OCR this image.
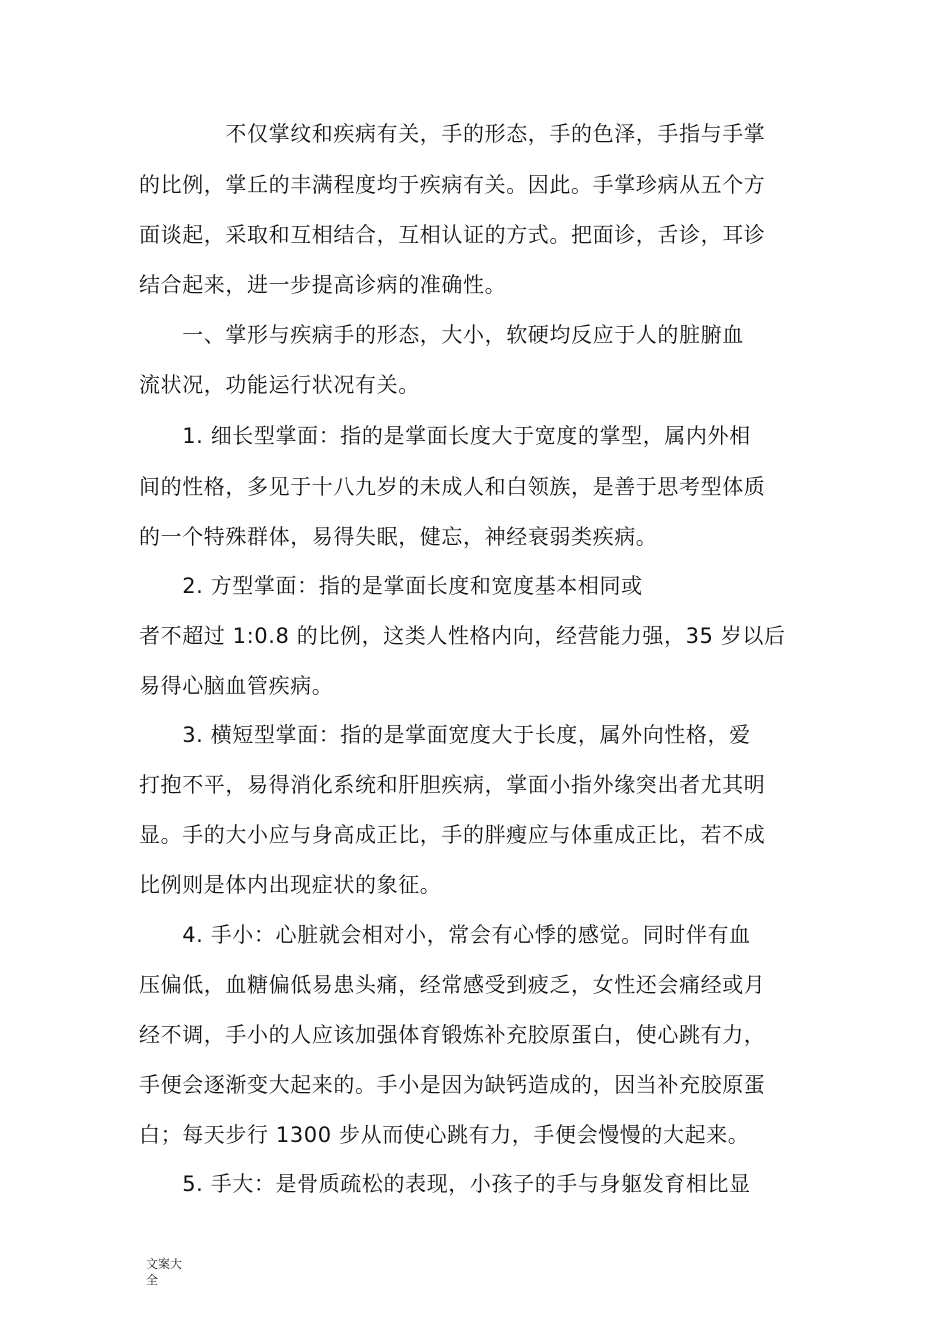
　　　　不仅掌纹和疾病有关，手的形态，手的色泽，手指与手掌
的比例，掌丘的丰满程度均于疾病有关。因此。手掌珍病从五个方
面谈起，采取和互相结合，互相认证的方式。把面诊，舌诊，耳诊
结合起来，进一步提高诊病的准确性。
　　一、掌形与疾病手的形态，大小，软硬均反应于人的脏腑血
流状况，功能运行状况有关。
　　1. 细长型掌面：指的是掌面长度大于宽度的掌型，属内外相
间的性格，多见于十八九岁的未成人和白领族，是善于思考型体质
的一个特殊群体，易得失眠，健忘，神经衰弱类疾病。
　　2. 方型掌面：指的是掌面长度和宽度基本相同或
者不超过 1:0.8 的比例，这类人性格内向，经营能力强，35 岁以后
易得心脑血管疾病。
　　3. 横短型掌面：指的是掌面宽度大于长度，属外向性格，爱
打抱不平，易得消化系统和肝胆疾病，掌面小指外缘突出者尤其明
显。手的大小应与身高成正比，手的胖瘦应与体重成正比，若不成
比例则是体内出现症状的象征。
　　4. 手小：心脏就会相对小，常会有心悸的感觉。同时伴有血
压偏低，血糖偏低易患头痛，经常感受到疲乏，女性还会痛经或月
经不调，手小的人应该加强体育锻炼补充胶原蛋白，使心跳有力，
手便会逐渐变大起来的。手小是因为缺钙造成的，因当补充胶原蛋
白；每天步行 1300 步从而使心跳有力，手便会慢慢的大起来。
　　5. 手大：是骨质疏松的表现，小孩子的手与身躯发育相比显
文案大
全
